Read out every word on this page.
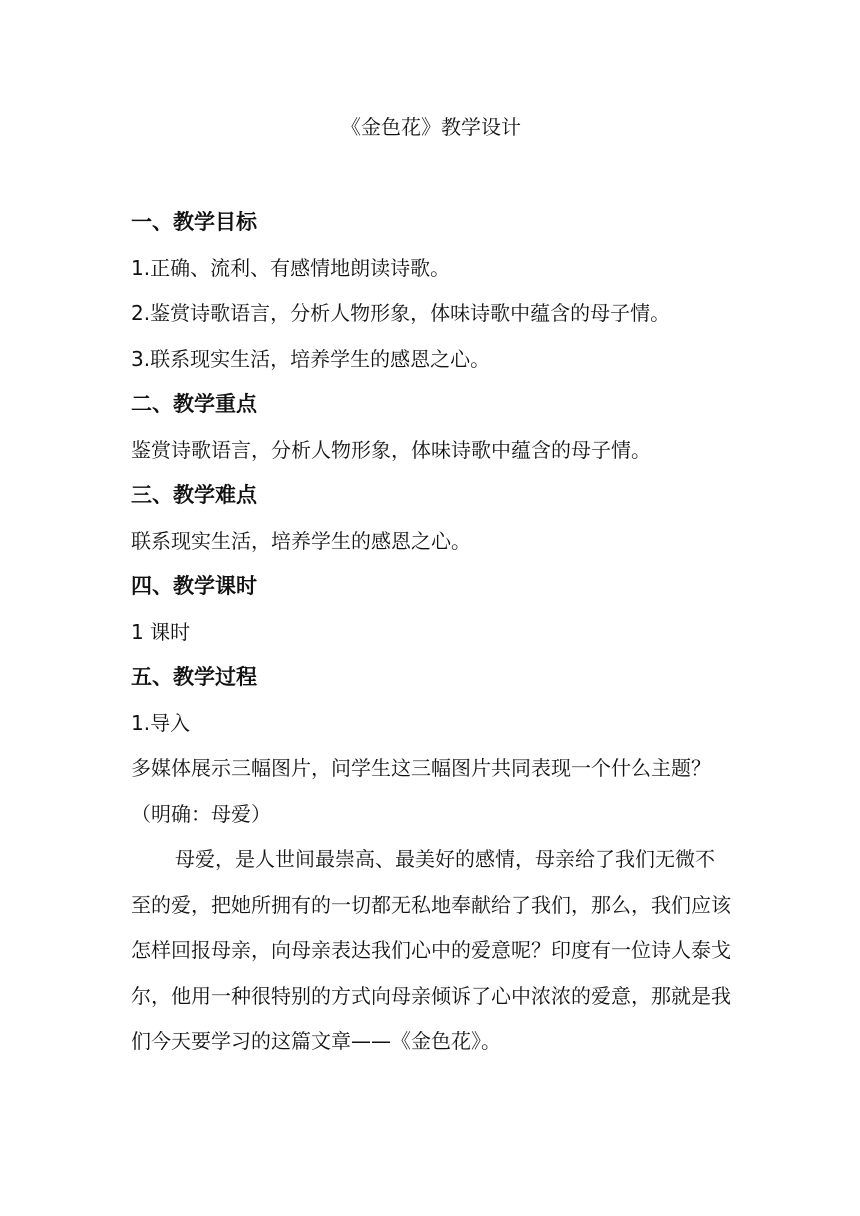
《金色花》教学设计
一、教学目标
1.正确、流利、有感情地朗读诗歌。
2.鉴赏诗歌语言，分析人物形象，体味诗歌中蕴含的母子情。
3.联系现实生活，培养学生的感恩之心。
二、教学重点
鉴赏诗歌语言，分析人物形象，体味诗歌中蕴含的母子情。
三、教学难点
联系现实生活，培养学生的感恩之心。
四、教学课时
1 课时
五、教学过程
1.导入
多媒体展示三幅图片，问学生这三幅图片共同表现一个什么主题？（明确：母爱）
母爱，是人世间最崇高、最美好的感情，母亲给了我们无微不至的爱，把她所拥有的一切都无私地奉献给了我们，那么，我们应该怎样回报母亲，向母亲表达我们心中的爱意呢？印度有一位诗人泰戈尔，他用一种很特别的方式向母亲倾诉了心中浓浓的爱意，那就是我们今天要学习的这篇文章——《金色花》。
